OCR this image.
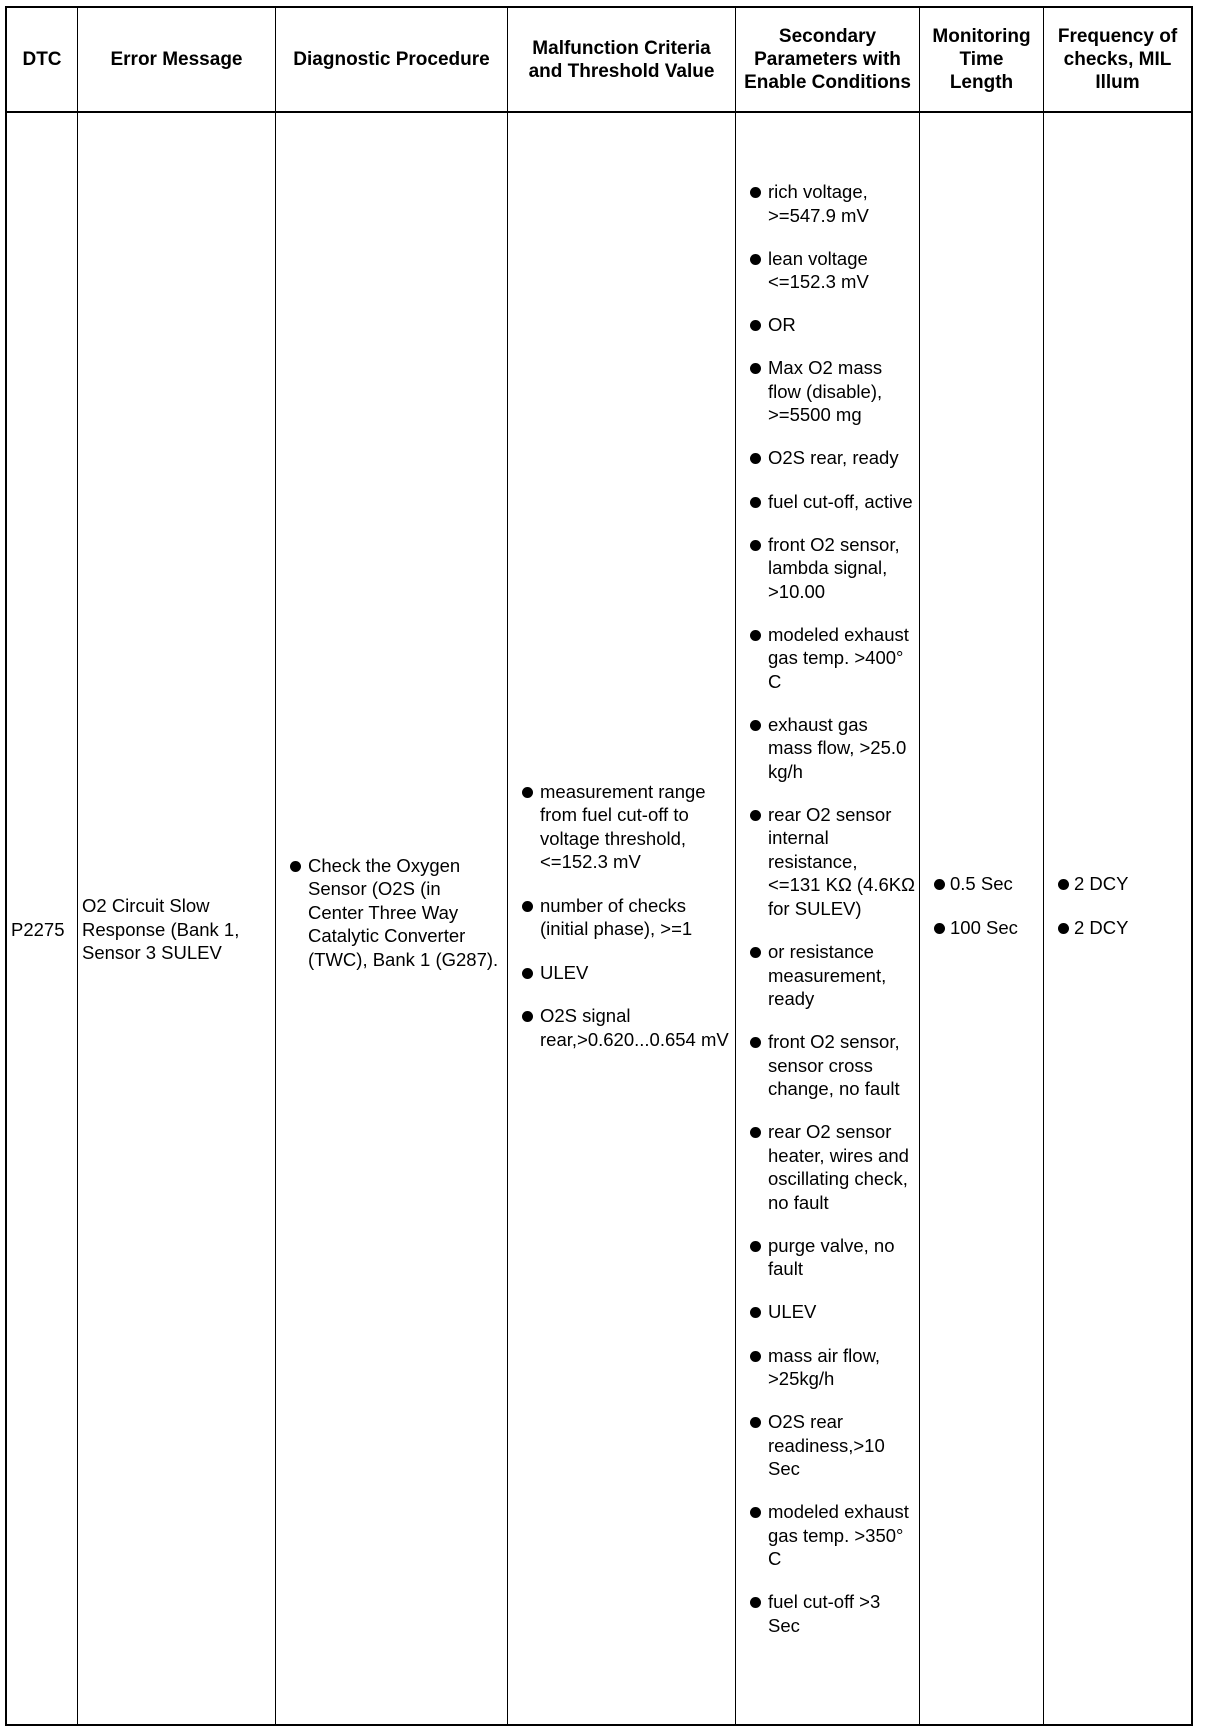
DTC	Error Message	Diagnostic Procedure
Malfunction Criteria and Threshold Value
Secondary Parameters with Enable Conditions
Monitoring Time Length
Frequency of checks, MIL Illum
P2275
O2 Circuit Slow Response (Bank 1, Sensor 3 SULEV
Check the Oxygen Sensor (O2S (in Center Three Way Catalytic Converter (TWC), Bank 1 (G287).
measurement range from fuel cut-off to voltage threshold, <=152.3 mV
number of checks (initial phase), >=1
ULEV
O2S signal rear,>0.620...0.654 mV
rich voltage, >=547.9 mV
lean voltage <=152.3 mV
OR
Max O2 mass flow (disable), >=5500 mg
O2S rear, ready
fuel cut-off, active
front O2 sensor, lambda signal, >10.00
modeled exhaust gas temp. >400° C
exhaust gas mass flow, >25.0 kg/h
rear O2 sensor internal resistance, <=131 KΩ (4.6KΩ for SULEV)
or resistance measurement, ready
front O2 sensor, sensor cross change, no fault
rear O2 sensor heater, wires and oscillating check, no fault
purge valve, no fault
ULEV
mass air flow, >25kg/h
O2S rear readiness,>10 Sec
modeled exhaust gas temp. >350° C
fuel cut-off >3 Sec
0.5 Sec
100 Sec
2 DCY
2 DCY
